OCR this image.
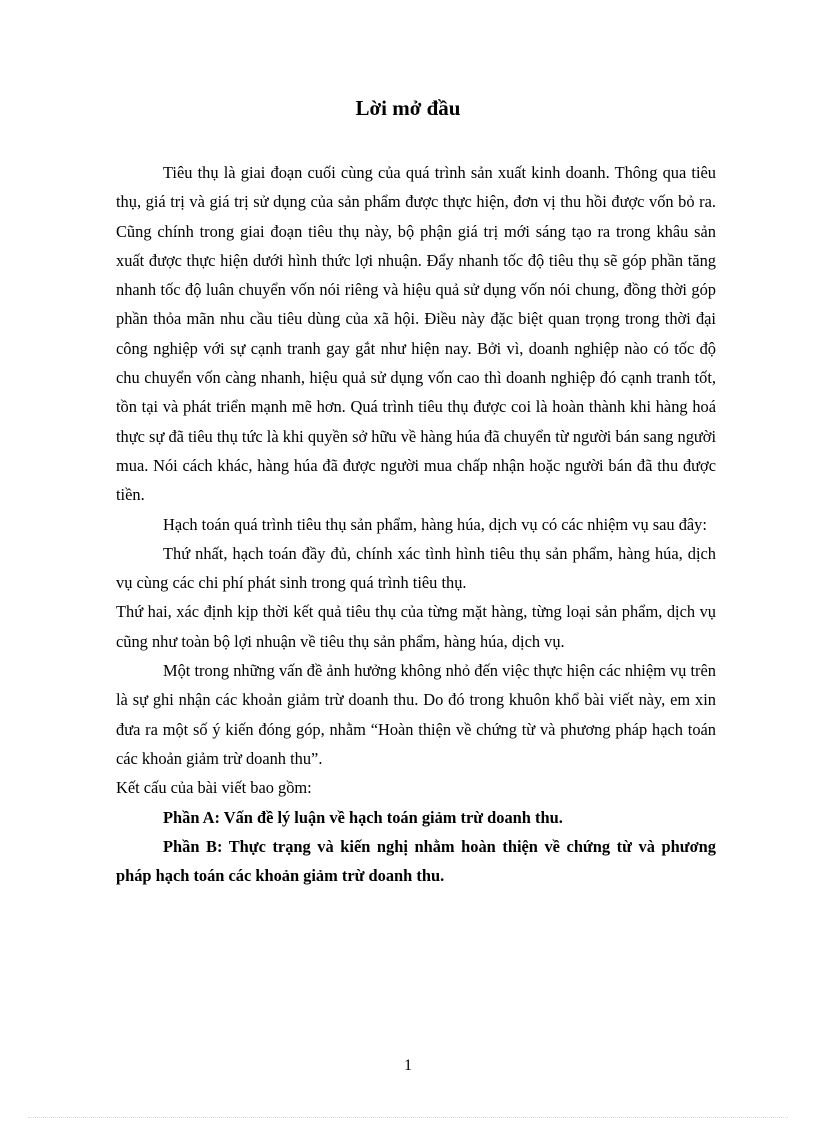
Lời mở đầu

Tiêu thụ là giai đoạn cuối cùng của quá trình sản xuất kinh doanh. Thông qua tiêu thụ, giá trị và giá trị sử dụng của sản phẩm được thực hiện, đơn vị thu hồi được vốn bỏ ra. Cũng chính trong giai đoạn tiêu thụ này, bộ phận giá trị mới sáng tạo ra trong khâu sản xuất được thực hiện dưới hình thức lợi nhuận. Đẩy nhanh tốc độ tiêu thụ sẽ góp phần tăng nhanh tốc độ luân chuyển vốn nói riêng và hiệu quả sử dụng vốn nói chung, đồng thời góp phần thỏa mãn nhu cầu tiêu dùng của xã hội. Điều này đặc biệt quan trọng trong thời đại công nghiệp với sự cạnh tranh gay gắt như hiện nay. Bởi vì, doanh nghiệp nào có tốc độ chu chuyển vốn càng nhanh, hiệu quả sử dụng vốn cao thì doanh nghiệp đó cạnh tranh tốt, tồn tại và phát triển mạnh mẽ hơn. Quá trình tiêu thụ được coi là hoàn thành khi hàng hoá thực sự đã tiêu thụ tức là khi quyền sở hữu về hàng húa đã chuyển từ người bán sang người mua. Nói cách khác, hàng húa đã được người mua chấp nhận hoặc người bán đã thu được tiền.

Hạch toán quá trình tiêu thụ sản phẩm, hàng húa, dịch vụ có các nhiệm vụ sau đây:

Thứ nhất, hạch toán đầy đủ, chính xác tình hình tiêu thụ sản phẩm, hàng húa, dịch vụ cùng các chi phí phát sinh trong quá trình tiêu thụ.

Thứ hai, xác định kịp thời kết quả tiêu thụ của từng mặt hàng, từng loại sản phẩm, dịch vụ cũng như toàn bộ lợi nhuận về tiêu thụ sản phẩm, hàng húa, dịch vụ.

Một trong những vấn đề ảnh hưởng không nhỏ đến việc thực hiện các nhiệm vụ trên là sự ghi nhận các khoản giảm trừ doanh thu. Do đó trong khuôn khổ bài viết này, em xin đưa ra một số ý kiến đóng góp, nhằm “Hoàn thiện về chứng từ và phương pháp hạch toán các khoản giảm trừ doanh thu”.

Kết cấu của bài viết bao gồm:

Phần A: Vấn đề lý luận về hạch toán giảm trừ doanh thu.

Phần B: Thực trạng và kiến nghị nhằm hoàn thiện về chứng từ và phương pháp hạch toán các khoản giảm trừ doanh thu.

1
